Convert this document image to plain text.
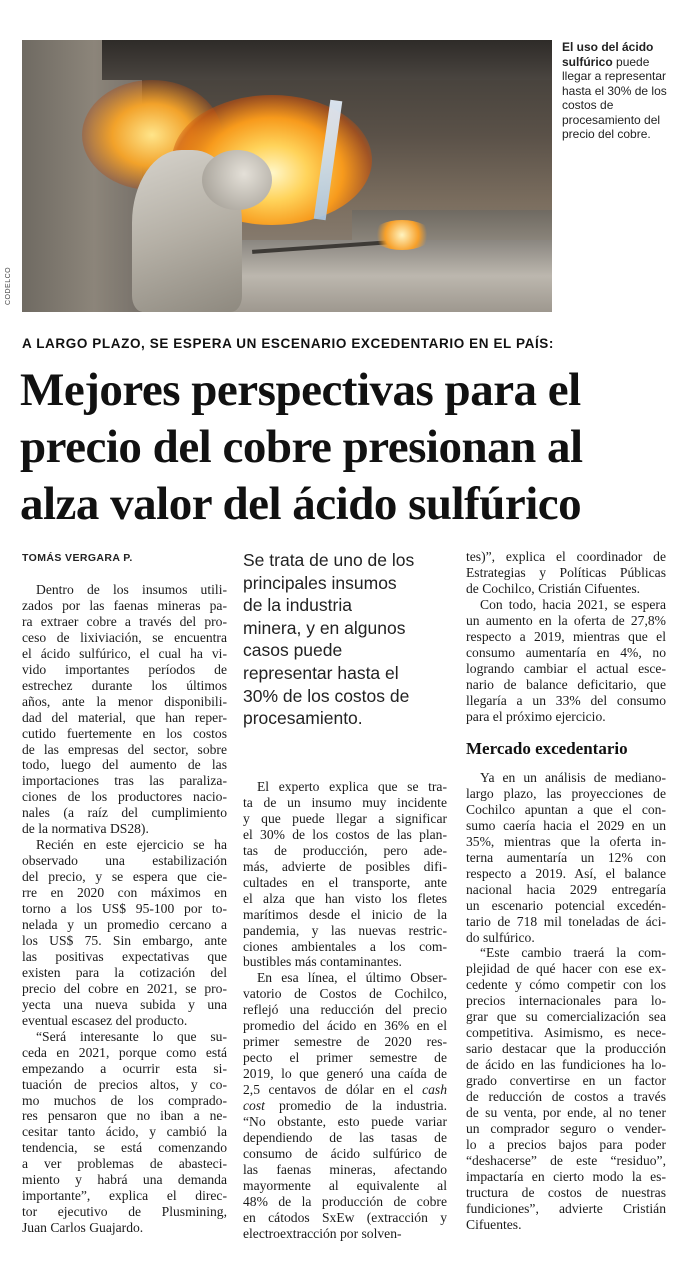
CODELCO
El uso del ácido sulfúrico puede llegar a representar hasta el 30% de los costos de procesamiento del precio del cobre.
A LARGO PLAZO, SE ESPERA UN ESCENARIO EXCEDENTARIO EN EL PAÍS:
Mejores perspectivas para el
precio del cobre presionan al
alza valor del ácido sulfúrico
TOMÁS VERGARA P.	Se trata de uno de los
principales insumos
de la industria
minera, y en algunos
casos puede
representar hasta el
30% de los costos de
procesamiento.

Dentro de los insumos utili-
zados por las faenas mineras pa-
ra extraer cobre a través del pro-
ceso de lixiviación, se encuentra
el ácido sulfúrico, el cual ha vi-
vido importantes períodos de
estrechez durante los últimos
años, ante la menor disponibili-
dad del material, que han reper-
cutido fuertemente en los costos
de las empresas del sector, sobre
todo, luego del aumento de las
importaciones tras las paraliza-
ciones de los productores nacio-
nales (a raíz del cumplimiento
de la normativa DS28).

Recién en este ejercicio se ha
observado una estabilización
del precio, y se espera que cie-
rre en 2020 con máximos en
torno a los US$ 95-100 por to-
nelada y un promedio cercano a
los US$ 75. Sin embargo, ante
las positivas expectativas que
existen para la cotización del
precio del cobre en 2021, se pro-
yecta una nueva subida y una
eventual escasez del producto.

“Será interesante lo que su-
ceda en 2021, porque como está
empezando a ocurrir esta si-
tuación de precios altos, y co-
mo muchos de los comprado-
res pensaron que no iban a ne-
cesitar tanto ácido, y cambió la
tendencia, se está comenzando
a ver problemas de abasteci-
miento y habrá una demanda
importante”, explica el direc-
tor ejecutivo de Plusmining,
Juan Carlos Guajardo.

El experto explica que se tra-
ta de un insumo muy incidente
y que puede llegar a significar
el 30% de los costos de las plan-
tas de producción, pero ade-
más, advierte de posibles difi-
cultades en el transporte, ante
el alza que han visto los fletes
marítimos desde el inicio de la
pandemia, y las nuevas restric-
ciones ambientales a los com-
bustibles más contaminantes.

En esa línea, el último Obser-
vatorio de Costos de Cochilco,
reflejó una reducción del precio
promedio del ácido en 36% en el
primer semestre de 2020 res-
pecto el primer semestre de
2019, lo que generó una caída de
2,5 centavos de dólar en el cash
cost promedio de la industria.
“No obstante, esto puede variar
dependiendo de las tasas de
consumo de ácido sulfúrico de
las faenas mineras, afectando
mayormente al equivalente al
48% de la producción de cobre
en cátodos SxEw (extracción y
electroextracción por solven-

tes)”, explica el coordinador de
Estrategias y Políticas Públicas
de Cochilco, Cristián Cifuentes.

Con todo, hacia 2021, se espera
un aumento en la oferta de 27,8%
respecto a 2019, mientras que el
consumo aumentaría en 4%, no
logrando cambiar el actual esce-
nario de balance deficitario, que
llegaría a un 33% del consumo
para el próximo ejercicio.

Mercado excedentario

Ya en un análisis de mediano-
largo plazo, las proyecciones de
Cochilco apuntan a que el con-
sumo caería hacia el 2029 en un
35%, mientras que la oferta in-
terna aumentaría un 12% con
respecto a 2019. Así, el balance
nacional hacia 2029 entregaría
un escenario potencial excedén-
tario de 718 mil toneladas de áci-
do sulfúrico.

“Este cambio traerá la com-
plejidad de qué hacer con ese ex-
cedente y cómo competir con los
precios internacionales para lo-
grar que su comercialización sea
competitiva. Asimismo, es nece-
sario destacar que la producción
de ácido en las fundiciones ha lo-
grado convertirse en un factor
de reducción de costos a través
de su venta, por ende, al no tener
un comprador seguro o vender-
lo a precios bajos para poder
“deshacerse” de este “residuo”,
impactaría en cierto modo la es-
tructura de costos de nuestras
fundiciones”, advierte Cristián
Cifuentes.
